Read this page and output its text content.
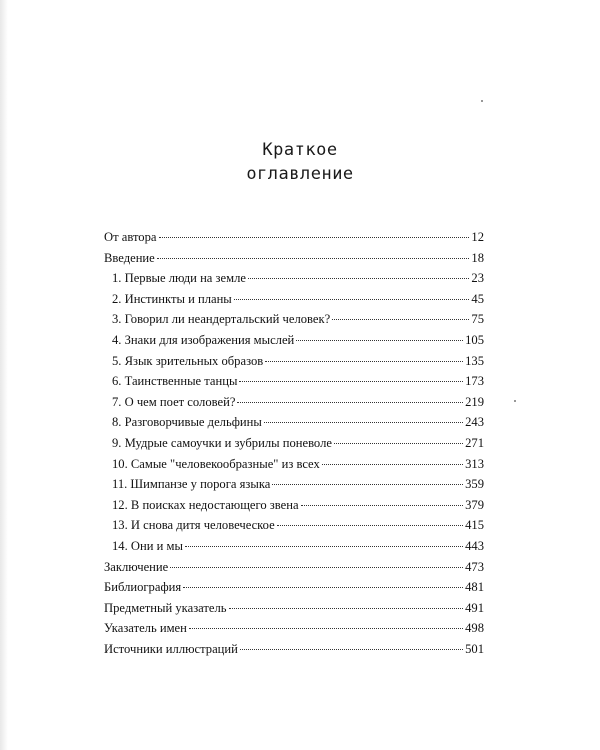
Краткое
оглавление
От автора	12
Введение	18
1. Первые люди на земле	23
2. Инстинкты и планы	45
3. Говорил ли неандертальский человек?	75
4. Знаки для изображения мыслей	105
5. Язык зрительных образов	135
6. Таинственные танцы	173
7. О чем поет соловей?	219
8. Разговорчивые дельфины	243
9. Мудрые самоучки и зубрилы поневоле	271
10. Самые "человекообразные" из всех	313
11. Шимпанзе у порога языка	359
12. В поисках недостающего звена	379
13. И снова дитя человеческое	415
14. Они и мы	443
Заключение	473
Библиография	481
Предметный указатель	491
Указатель имен	498
Источники иллюстраций	501
